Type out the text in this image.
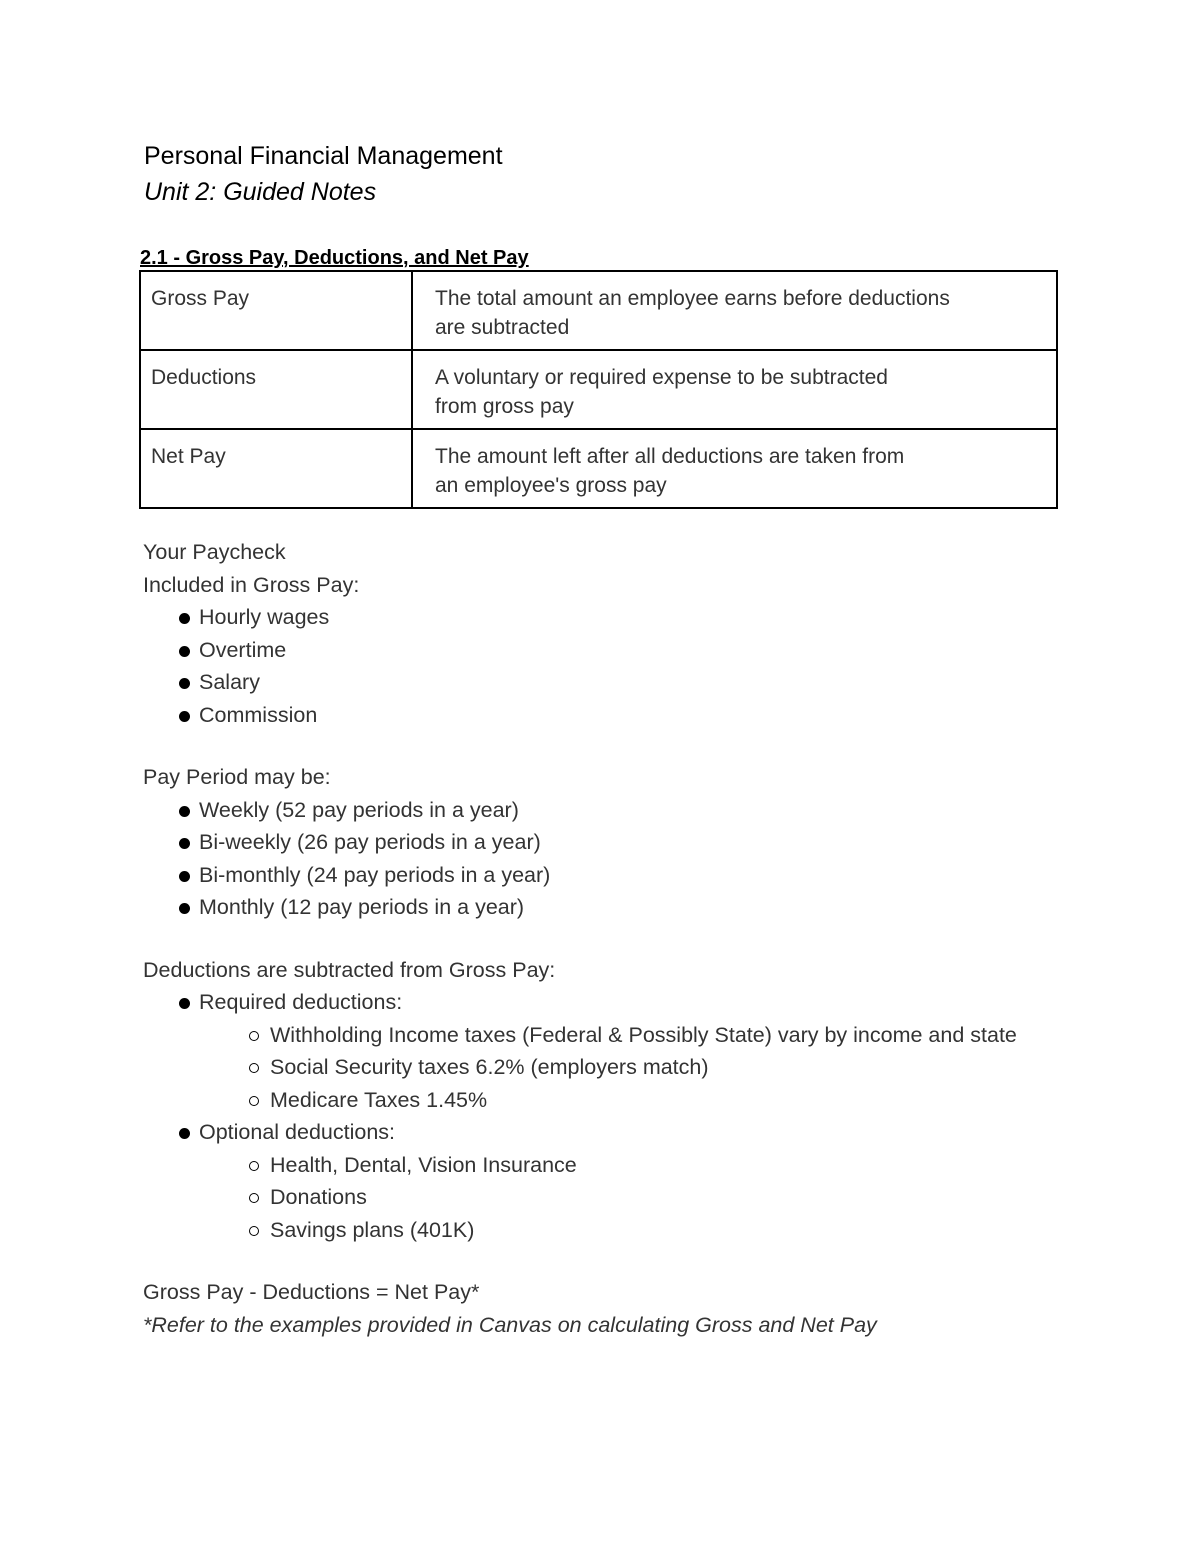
Personal Financial Management
Unit 2: Guided Notes
2.1 - Gross Pay, Deductions, and Net Pay
Gross Pay	The total amount an employee earns before deductions
are subtracted

Deductions	A voluntary or required expense to be subtracted
from gross pay

Net Pay	The amount left after all deductions are taken from
an employee's gross pay

Your Paycheck

Included in Gross Pay:

Hourly wages
Overtime
Salary
Commission

Pay Period may be:

Weekly (52 pay periods in a year)
Bi-weekly (26 pay periods in a year)
Bi-monthly (24 pay periods in a year)
Monthly (12 pay periods in a year)

Deductions are subtracted from Gross Pay:

Required deductions:
Withholding Income taxes (Federal & Possibly State) vary by income and state
Social Security taxes 6.2% (employers match)
Medicare Taxes 1.45%
Optional deductions:
Health, Dental, Vision Insurance
Donations
Savings plans (401K)

Gross Pay - Deductions = Net Pay*

*Refer to the examples provided in Canvas on calculating Gross and Net Pay
